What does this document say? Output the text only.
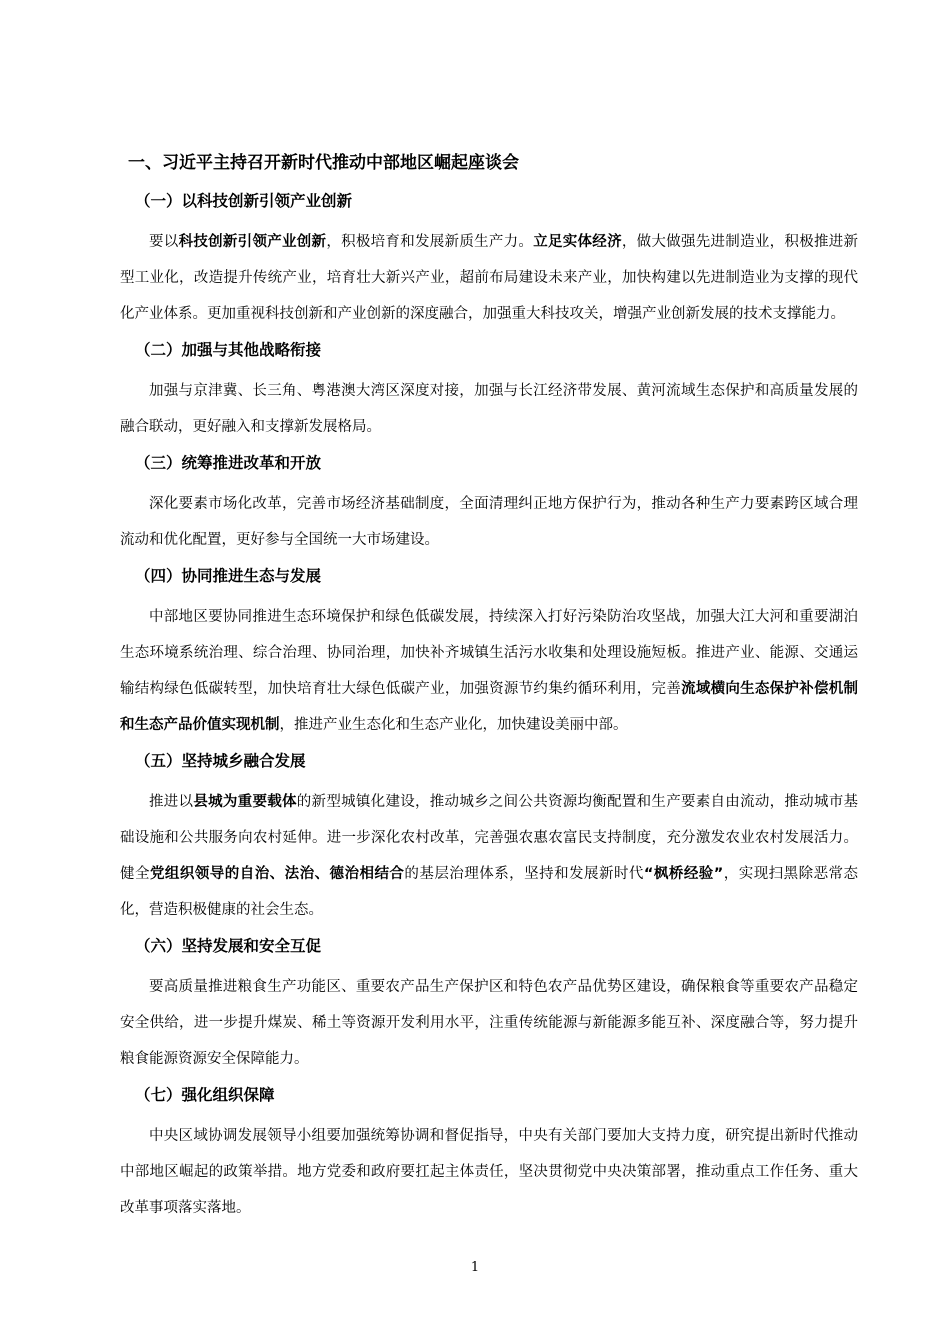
一、习近平主持召开新时代推动中部地区崛起座谈会
（一）以科技创新引领产业创新
要以科技创新引领产业创新，积极培育和发展新质生产力。立足实体经济，做大做强先进制造业，积极推进新型工业化，改造提升传统产业，培育壮大新兴产业，超前布局建设未来产业，加快构建以先进制造业为支撑的现代化产业体系。更加重视科技创新和产业创新的深度融合，加强重大科技攻关，增强产业创新发展的技术支撑能力。
（二）加强与其他战略衔接
加强与京津冀、长三角、粤港澳大湾区深度对接，加强与长江经济带发展、黄河流域生态保护和高质量发展的融合联动，更好融入和支撑新发展格局。
（三）统筹推进改革和开放
深化要素市场化改革，完善市场经济基础制度，全面清理纠正地方保护行为，推动各种生产力要素跨区域合理流动和优化配置，更好参与全国统一大市场建设。
（四）协同推进生态与发展
中部地区要协同推进生态环境保护和绿色低碳发展，持续深入打好污染防治攻坚战，加强大江大河和重要湖泊生态环境系统治理、综合治理、协同治理，加快补齐城镇生活污水收集和处理设施短板。推进产业、能源、交通运输结构绿色低碳转型，加快培育壮大绿色低碳产业，加强资源节约集约循环利用，完善流域横向生态保护补偿机制和生态产品价值实现机制，推进产业生态化和生态产业化，加快建设美丽中部。
（五）坚持城乡融合发展
推进以县城为重要载体的新型城镇化建设，推动城乡之间公共资源均衡配置和生产要素自由流动，推动城市基础设施和公共服务向农村延伸。进一步深化农村改革，完善强农惠农富民支持制度，充分激发农业农村发展活力。健全党组织领导的自治、法治、德治相结合的基层治理体系，坚持和发展新时代“枫桥经验”，实现扫黑除恶常态化，营造积极健康的社会生态。
（六）坚持发展和安全互促
要高质量推进粮食生产功能区、重要农产品生产保护区和特色农产品优势区建设，确保粮食等重要农产品稳定安全供给，进一步提升煤炭、稀土等资源开发利用水平，注重传统能源与新能源多能互补、深度融合等，努力提升粮食能源资源安全保障能力。
（七）强化组织保障
中央区域协调发展领导小组要加强统筹协调和督促指导，中央有关部门要加大支持力度，研究提出新时代推动中部地区崛起的政策举措。地方党委和政府要扛起主体责任，坚决贯彻党中央决策部署，推动重点工作任务、重大改革事项落实落地。
1
